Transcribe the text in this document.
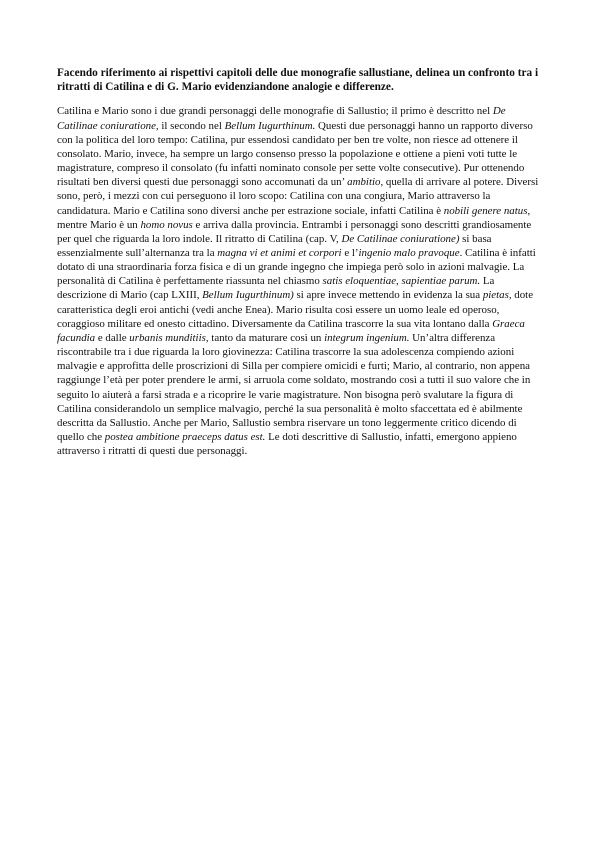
Facendo riferimento ai rispettivi capitoli delle due monografie sallustiane, delinea un confronto tra i ritratti di Catilina e di G. Mario evidenziandone analogie e differenze.

Catilina e Mario sono i due grandi personaggi delle monografie di Sallustio; il primo è descritto nel De Catilinae coniuratione, il secondo nel Bellum Iugurthinum. Questi due personaggi hanno un rapporto diverso con la politica del loro tempo: Catilina, pur essendosi candidato per ben tre volte, non riesce ad ottenere il consolato. Mario, invece, ha sempre un largo consenso presso la popolazione e ottiene a pieni voti tutte le magistrature, compreso il consolato (fu infatti nominato console per sette volte consecutive). Pur ottenendo risultati ben diversi questi due personaggi sono accomunati da un’ ambitio, quella di arrivare al potere. Diversi sono, però, i mezzi con cui perseguono il loro scopo: Catilina con una congiura, Mario attraverso la candidatura. Mario e Catilina sono diversi anche per estrazione sociale, infatti Catilina è nobili genere natus, mentre Mario è un homo novus e arriva dalla provincia. Entrambi i personaggi sono descritti grandiosamente per quel che riguarda la loro indole. Il ritratto di Catilina (cap. V, De Catilinae coniuratione) si basa essenzialmente sull’alternanza tra la magna vi et animi et corpori e l’ingenio malo pravoque. Catilina è infatti dotato di una straordinaria forza fisica e di un grande ingegno che impiega però solo in azioni malvagie. La personalità di Catilina è perfettamente riassunta nel chiasmo satis eloquentiae, sapientiae parum. La descrizione di Mario (cap LXIII, Bellum Iugurthinum) si apre invece mettendo in evidenza la sua pietas, dote caratteristica degli eroi antichi (vedi anche Enea). Mario risulta così essere un uomo leale ed operoso, coraggioso militare ed onesto cittadino. Diversamente da Catilina trascorre la sua vita lontano dalla Graeca facundia e dalle urbanis munditiis, tanto da maturare così un integrum ingenium. Un’altra differenza riscontrabile tra i due riguarda la loro giovinezza: Catilina trascorre la sua adolescenza compiendo azioni malvagie e approfitta delle proscrizioni di Silla per compiere omicidi e furti; Mario, al contrario, non appena raggiunge l’età per poter prendere le armi, si arruola come soldato, mostrando così a tutti il suo valore che in seguito lo aiuterà a farsi strada e a ricoprire le varie magistrature. Non bisogna però svalutare la figura di Catilina considerandolo un semplice malvagio, perché la sua personalità è molto sfaccettata ed è abilmente descritta da Sallustio. Anche per Mario, Sallustio sembra riservare un tono leggermente critico dicendo di quello che postea ambitione praeceps datus est. Le doti descrittive di Sallustio, infatti, emergono appieno attraverso i ritratti di questi due personaggi.
